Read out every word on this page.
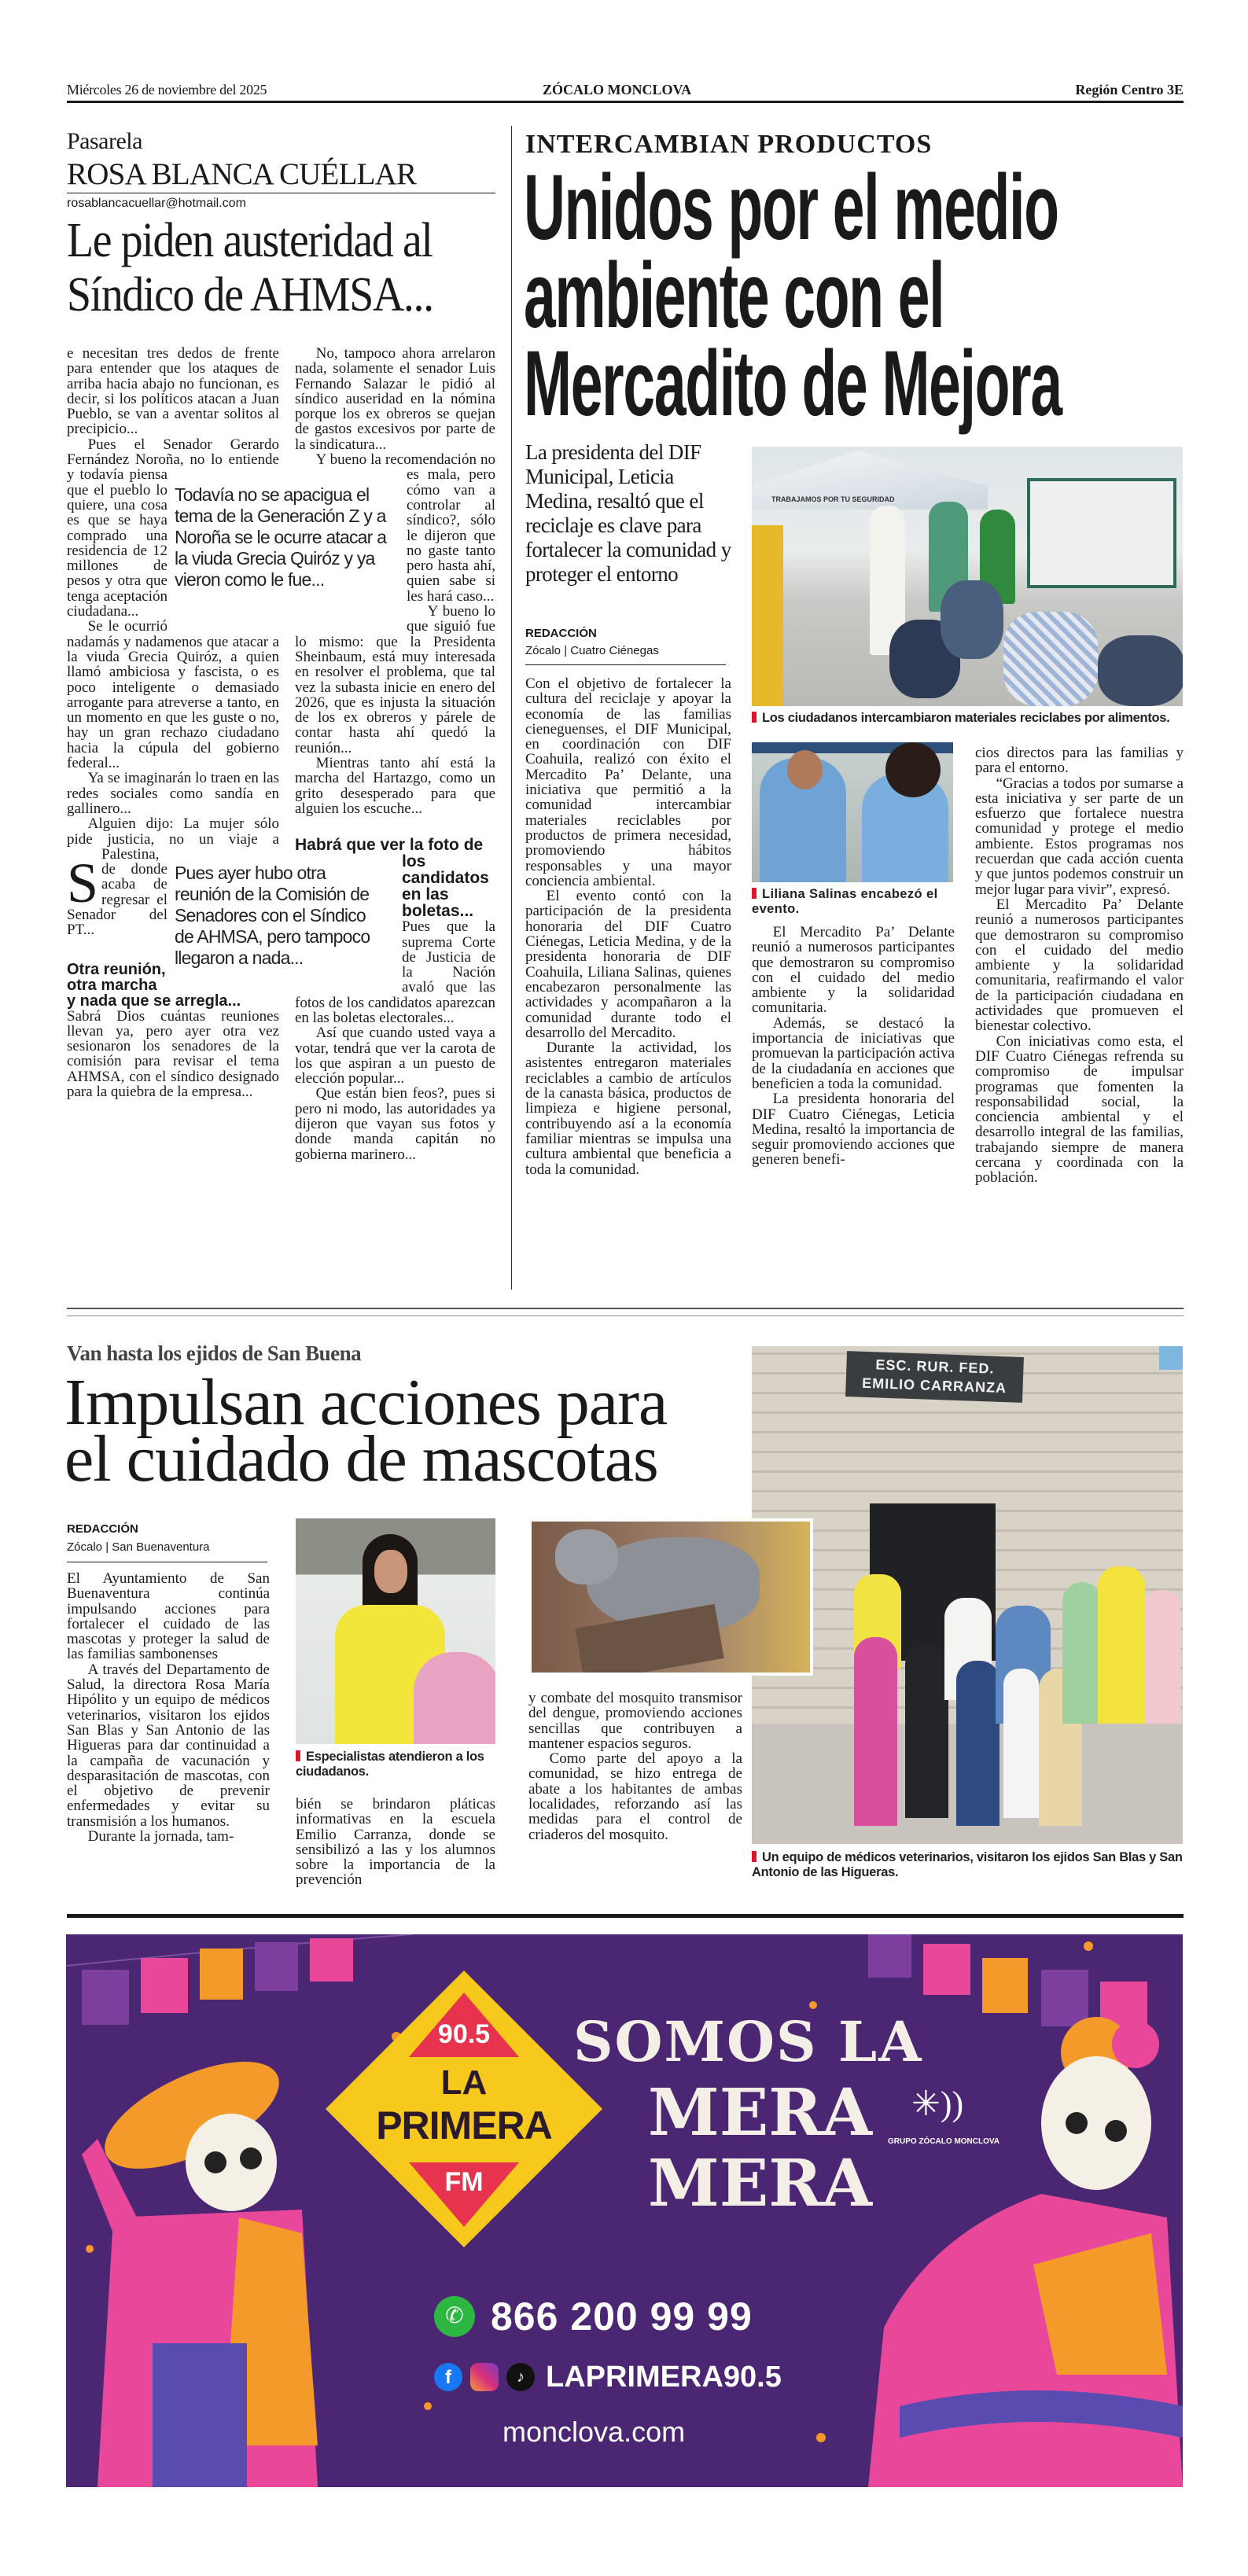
Miércoles 26 de noviembre del 2025	ZÓCALO MONCLOVA	Región Centro 3E
Pasarela
ROSA BLANCA CUÉLLAR
rosablancacuellar@hotmail.com
Le piden austeridad al Síndico de AHMSA...

S
e necesitan tres dedos de frente para entender que los ataques de arriba hacia abajo no funcionan, es decir, si los políticos atacan a Juan Pueblo, se van a aventar solitos al precipicio...

Pues el Senador Gerardo Fernández Noroña, no lo entiende y todavía piensa que el pueblo lo quiere, una cosa es que se haya comprado una residencia de 12 millones de pesos y otra que tenga aceptación ciudadana...

Se le ocurrió nadamás y nadamenos que atacar a la viuda Grecia Quiróz, a quien llamó ambiciosa y fascista, o es poco inteligente o demasiado arrogante para atreverse a tanto, en un momento en que les guste o no, hay un gran rechazo ciudadano hacia la cúpula del gobierno federal...

Ya se imaginarán lo traen en las redes sociales como sandía en gallinero...

Alguien dijo: La mujer sólo pide justicia, no un viaje a Palestina, de donde acaba de regresar el Senador del PT...

Otra reunión, otra marcha y nada que se arregla...

Sabrá Dios cuántas reuniones llevan ya, pero ayer otra vez sesionaron los senadores de la comisión para revisar el tema AHMSA, con el síndico designado para la quiebra de la empresa...

No, tampoco ahora arrelaron nada, solamente el senador Luis Fernando Salazar le pidió al síndico auseridad en la nómina porque los ex obreros se quejan de gastos excesivos por parte de la sindicatura...

Y bueno la recomendación no es mala, pero cómo van a controlar al síndico?, sólo le dijeron que no gaste tanto pero hasta ahí, quien sabe si les hará caso...

Y bueno lo que siguió fue lo mismo: que la Presidenta Sheinbaum, está muy interesada en resolver el problema, que tal vez la subasta inicie en enero del 2026, que es injusta la situación de los ex obreros y párele de contar hasta ahí quedó la reunión...

Mientras tanto ahí está la marcha del Hartazgo, como un grito desesperado para que alguien los escuche...

Habrá que ver la foto de los candidatos en las boletas...

Pues que la suprema Corte de Justicia de la Nación avaló que las fotos de los candidatos aparezcan en las boletas electorales...

Así que cuando usted vaya a votar, tendrá que ver la carota de los que aspiran a un puesto de elección popular...

Que están bien feos?, pues si pero ni modo, las autoridades ya dijeron que vayan sus fotos y donde manda capitán no gobierna marinero...

Todavía no se apacigua el tema de la Generación Z y a Noroña se le ocurre atacar a la viuda Grecia Quiróz y ya vieron como le fue...
Pues ayer hubo otra reunión de la Comisión de Senadores con el Síndico de AHMSA, pero tampoco llegaron a nada...
INTERCAMBIAN PRODUCTOS
Unidos por el medio
ambiente con el
Mercadito de Mejora
La presidenta del DIF Municipal, Leticia Medina, resaltó que el reciclaje es clave para fortalecer la comunidad y proteger el entorno
REDACCIÓN
Zócalo | Cuatro Ciénegas

Con el objetivo de fortalecer la cultura del reciclaje y apoyar la economía de las familias cieneguenses, el DIF Municipal, en coordinación con DIF Coahuila, realizó con éxito el Mercadito Pa’ Delante, una iniciativa que permitió a la comunidad intercambiar materiales reciclables por productos de primera necesidad, promoviendo hábitos responsables y una mayor conciencia ambiental.

El evento contó con la participación de la presidenta honoraria del DIF Cuatro Ciénegas, Leticia Medina, y de la presidenta honoraria de DIF Coahuila, Liliana Salinas, quienes encabezaron personalmente las actividades y acompañaron a la comunidad durante todo el desarrollo del Mercadito.

Durante la actividad, los asistentes entregaron materiales reciclables a cambio de artículos de la canasta básica, productos de limpieza e higiene personal, contribuyendo así a la economía familiar mientras se impulsa una cultura ambiental que beneficia a toda la comunidad.

TRABAJAMOS POR TU SEGURIDAD
Los ciudadanos intercambiaron materiales reciclabes por alimentos.
Liliana Salinas encabezó el evento.

El Mercadito Pa’ Delante reunió a numerosos participantes que demostraron su compromiso con el cuidado del medio ambiente y la solidaridad comunitaria.

Además, se destacó la importancia de iniciativas que promuevan la participación activa de la ciudadanía en acciones que beneficien a toda la comunidad.

La presidenta honoraria del DIF Cuatro Ciénegas, Leticia Medina, resaltó la importancia de seguir promoviendo acciones que generen benefi-

cios directos para las familias y para el entorno.

“Gracias a todos por sumarse a esta iniciativa y ser parte de un esfuerzo que fortalece nuestra comunidad y protege el medio ambiente. Estos programas nos recuerdan que cada acción cuenta y que juntos podemos construir un mejor lugar para vivir”, expresó.

El Mercadito Pa’ Delante reunió a numerosos participantes que demostraron su compromiso con el cuidado del medio ambiente y la solidaridad comunitaria, reafirmando el valor de la participación ciudadana en actividades que promueven el bienestar colectivo.

Con iniciativas como esta, el DIF Cuatro Ciénegas refrenda su compromiso de impulsar programas que fomenten la responsabilidad social, la conciencia ambiental y el desarrollo integral de las familias, trabajando siempre de manera cercana y coordinada con la población.

Van hasta los ejidos de San Buena
Impulsan acciones para
el cuidado de mascotas
REDACCIÓN
Zócalo | San Buenaventura

El Ayuntamiento de San Buenaventura continúa impulsando acciones para fortalecer el cuidado de las mascotas y proteger la salud de las familias sambonenses

A través del Departamento de Salud, la directora Rosa María Hipólito y un equipo de médicos veterinarios, visitaron los ejidos San Blas y San Antonio de las Higueras para dar continuidad a la campaña de vacunación y desparasitación de mascotas, con el objetivo de prevenir enfermedades y evitar su transmisión a los humanos.

Durante la jornada, tam-

Especialistas atendieron a los ciudadanos.

bién se brindaron pláticas informativas en la escuela Emilio Carranza, donde se sensibilizó a las y los alumnos sobre la importancia de la prevención

ESC. RUR. FED.
EMILIO CARRANZA
Un equipo de médicos veterinarios, visitaron los ejidos San Blas y San Antonio de las Higueras.

y combate del mosquito transmisor del dengue, promoviendo acciones sencillas que contribuyen a mantener espacios seguros.

Como parte del apoyo a la comunidad, se hizo entrega de abate a los habitantes de ambas localidades, reforzando así las medidas para el control de criaderos del mosquito.

90.5
LA
PRIMERA
FM
SOMOS LA
MERA
MERA
✳))
GRUPO ZÓCALO MONCLOVA
✆ 866 200 99 99
f	♪ LAPRIMERA90.5
monclova.com
